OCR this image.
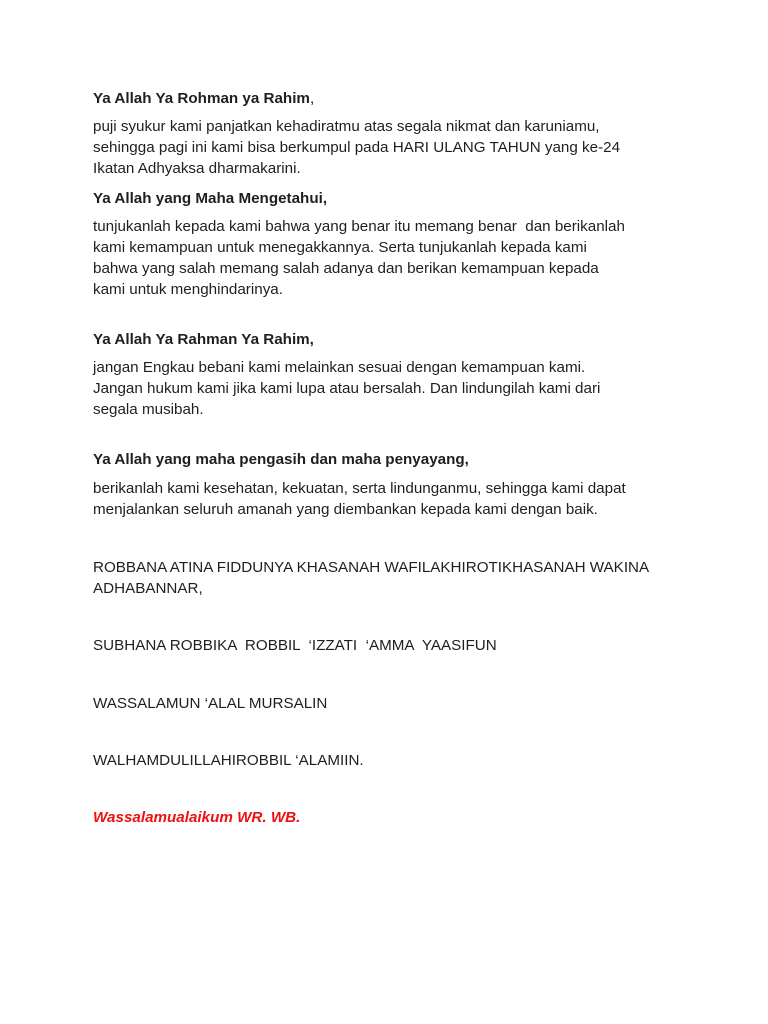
Ya Allah Ya Rohman ya Rahim,

puji syukur kami panjatkan kehadiratmu atas segala nikmat dan karuniamu,
sehingga pagi ini kami bisa berkumpul pada HARI ULANG TAHUN yang ke-24
Ikatan Adhyaksa dharmakarini.

Ya Allah yang Maha Mengetahui,

tunjukanlah kepada kami bahwa yang benar itu memang benar  dan berikanlah
kami kemampuan untuk menegakkannya. Serta tunjukanlah kepada kami
bahwa yang salah memang salah adanya dan berikan kemampuan kepada
kami untuk menghindarinya.

Ya Allah Ya Rahman Ya Rahim,

jangan Engkau bebani kami melainkan sesuai dengan kemampuan kami.
Jangan hukum kami jika kami lupa atau bersalah. Dan lindungilah kami dari
segala musibah.

Ya Allah yang maha pengasih dan maha penyayang,

berikanlah kami kesehatan, kekuatan, serta lindunganmu, sehingga kami dapat
menjalankan seluruh amanah yang diembankan kepada kami dengan baik.

ROBBANA ATINA FIDDUNYA KHASANAH WAFILAKHIROTIKHASANAH WAKINA
ADHABANNAR,

SUBHANA ROBBIKA  ROBBIL  ‘IZZATI  ‘AMMA  YAASIFUN

WASSALAMUN ‘ALAL MURSALIN

WALHAMDULILLAHIROBBIL ‘ALAMIIN.

Wassalamualaikum WR. WB.
